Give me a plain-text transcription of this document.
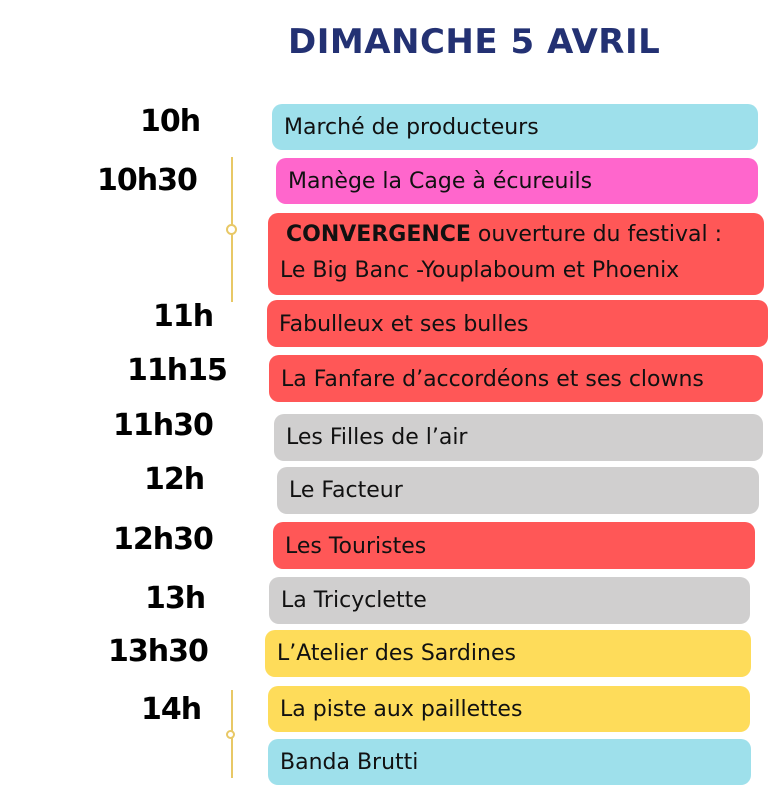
DIMANCHE 5 AVRIL
10h
10h30
11h
11h15
11h30
12h
12h30
13h
13h30
14h
Marché de producteurs
Manège la Cage à écureuils
CONVERGENCE ouverture du festival :
Le Big Banc -Youplaboum et Phoenix
Fabulleux et ses bulles
La Fanfare d’accordéons et ses clowns
Les Filles de l’air
Le Facteur
Les Touristes
La Tricyclette
L’Atelier des Sardines
La piste aux paillettes
Banda Brutti
